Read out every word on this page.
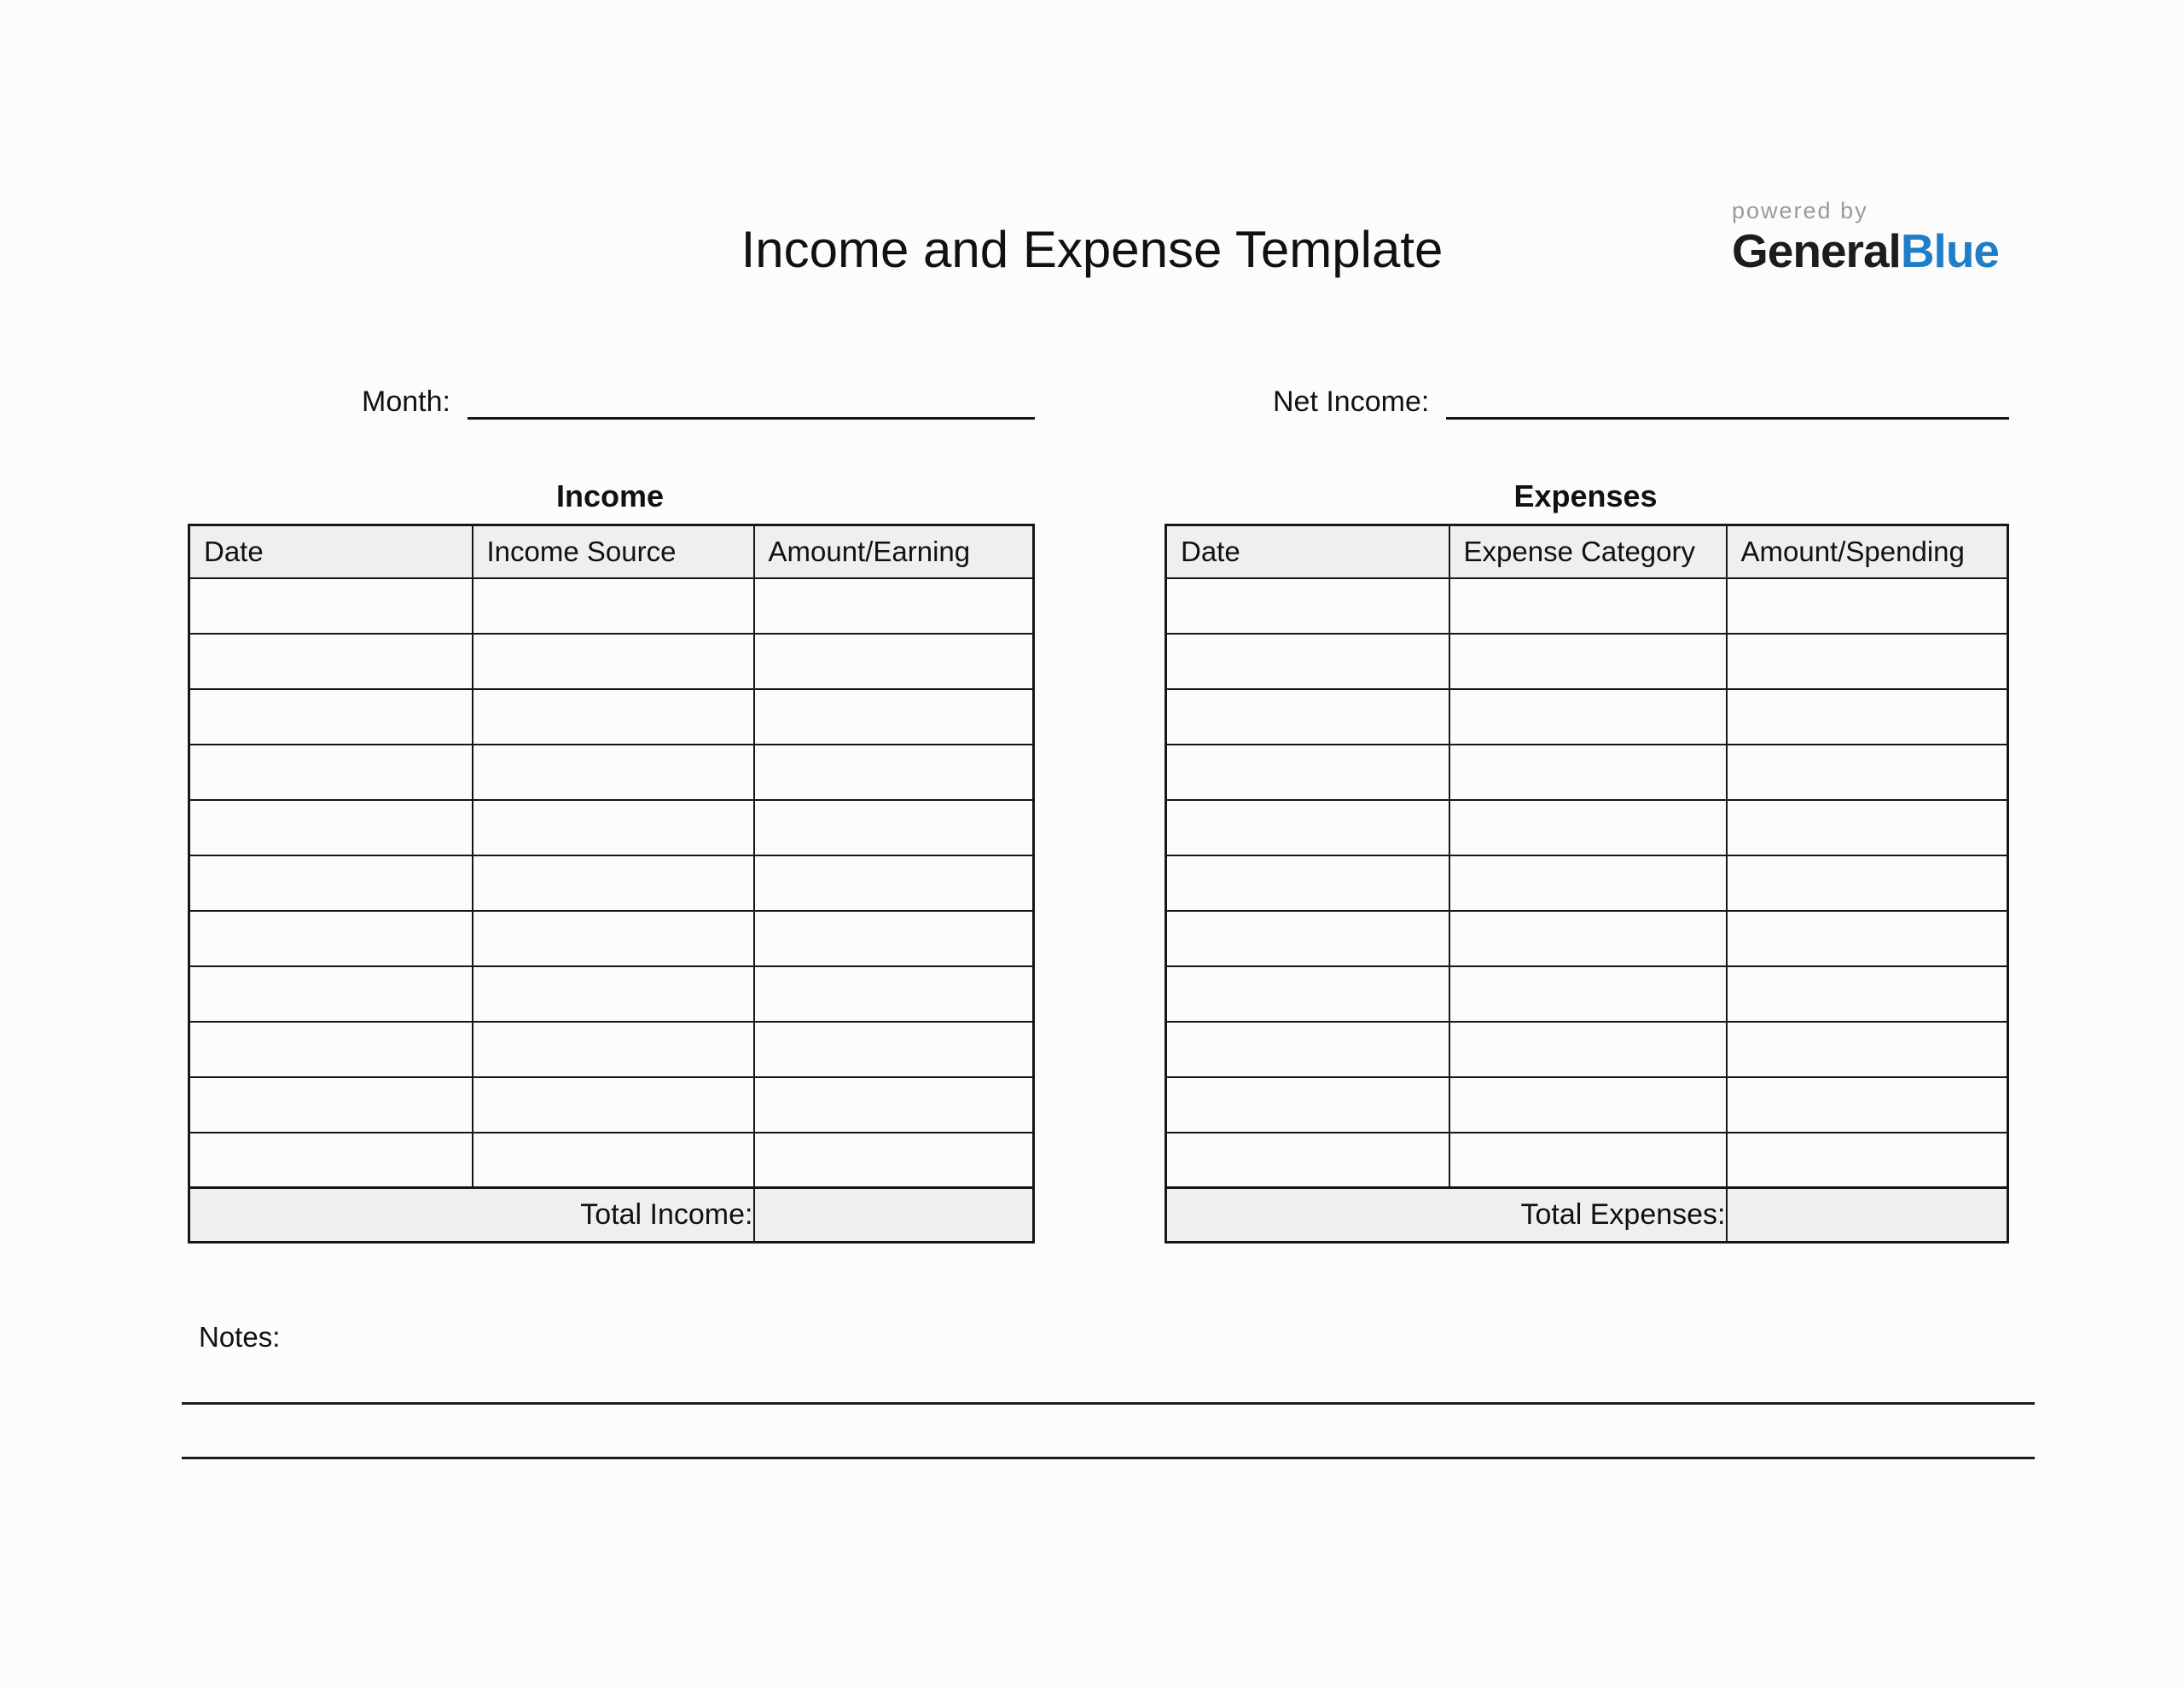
Income and Expense Template
powered by
GeneralBlue
Month:	Net Income:
Income	Expenses
Date	Income Source	Amount/Earning

Total Income:		
Date	Expense Category	Amount/Spending

Total Expenses:		
Notes:
